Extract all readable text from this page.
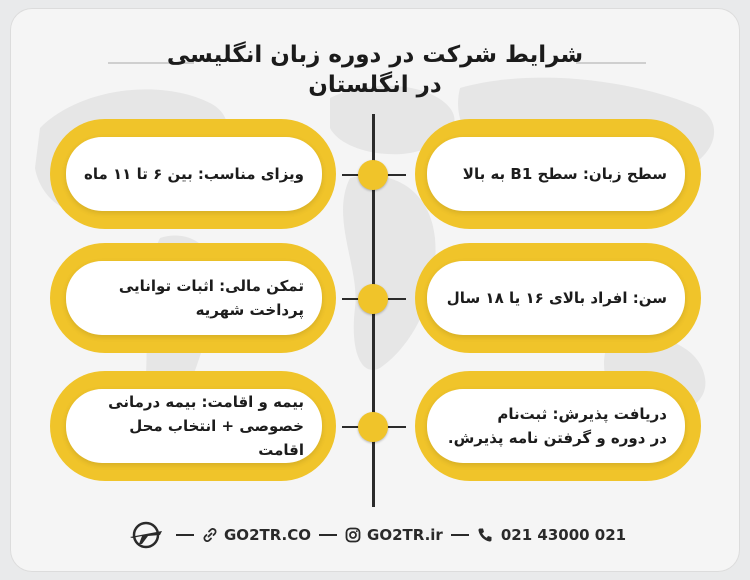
شرایط شرکت در دوره زبان انگلیسی
در انگلستان
سطح زبان: سطح B1 به بالا
ویزای مناسب: بین ۶ تا ۱۱ ماه
سن: افراد بالای ۱۶ یا ۱۸ سال
تمکن مالی: اثبات توانایی
پرداخت شهریه
دریافت پذیرش: ثبت‌نام
در دوره و گرفتن نامه پذیرش.
بیمه و اقامت: بیمه درمانی
خصوصی + انتخاب محل اقامت
GO2TR.CO	GO2TR.ir	021 43000 021
